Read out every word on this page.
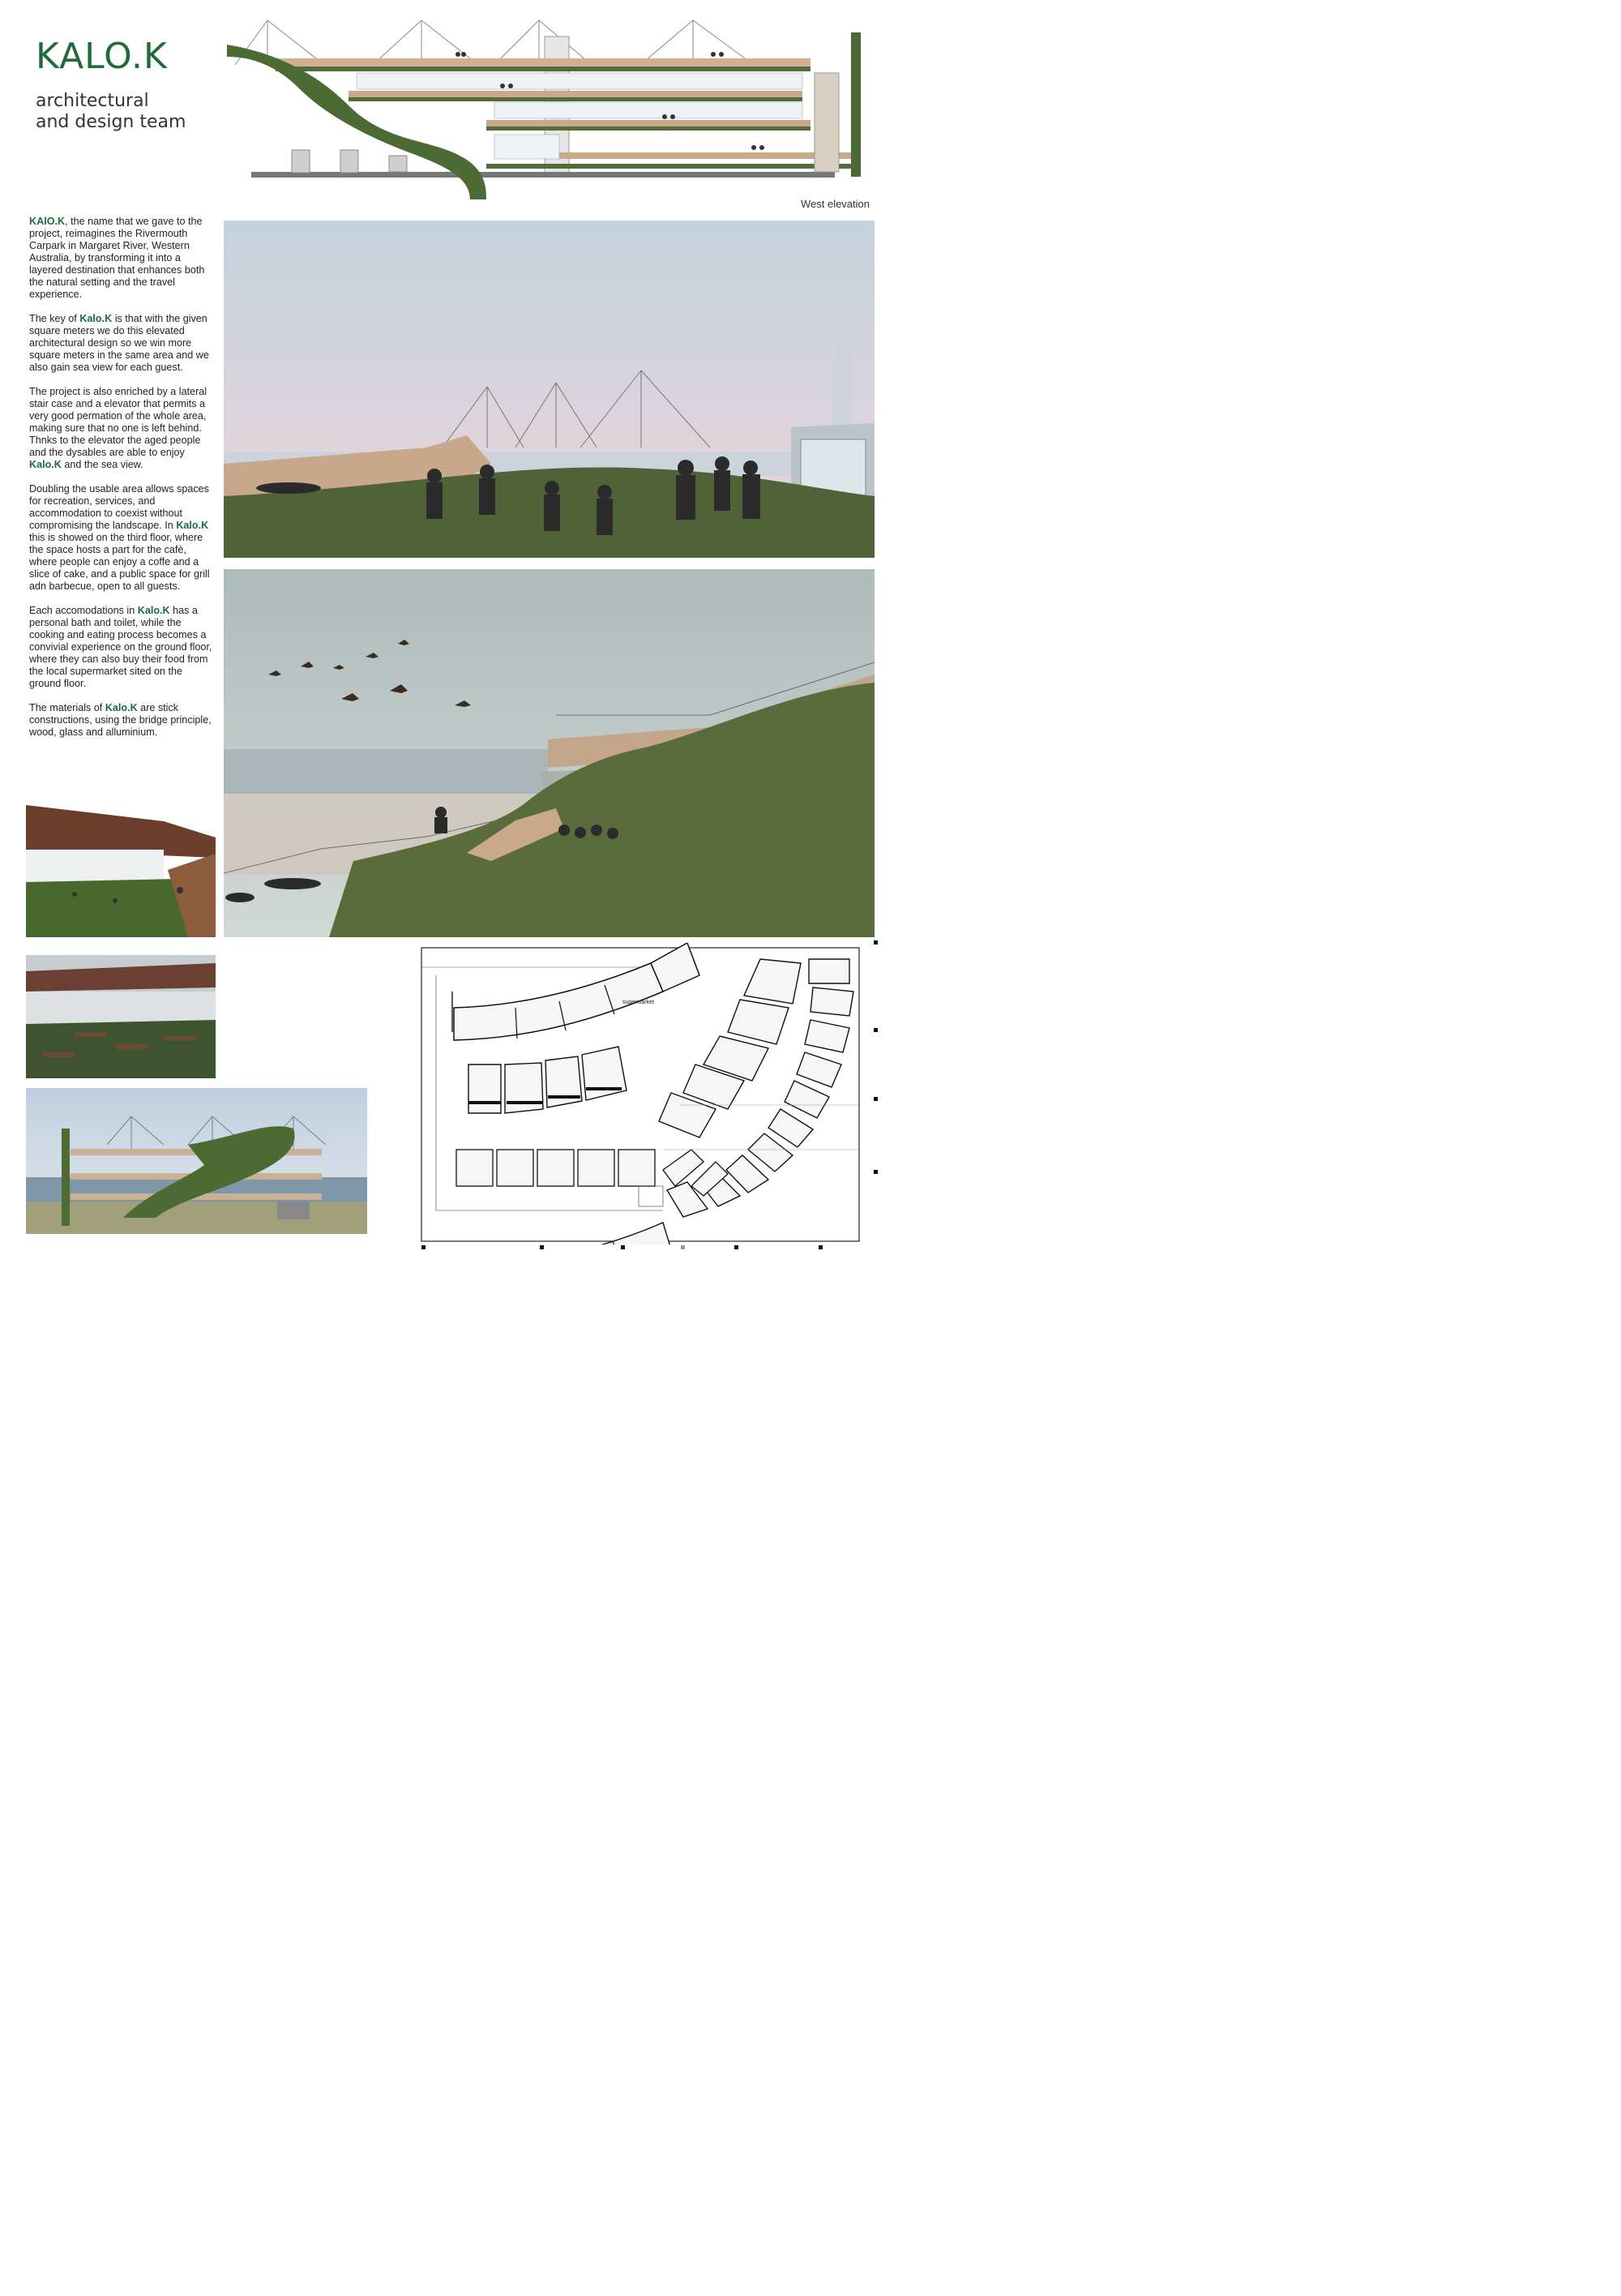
KALO.K
architectural
and design team
West elevation

KAlO.K, the name that we gave to the project, reimagines the Rivermouth Carpark in Margaret River, Western Australia, by transforming it into a layered destination that enhances both the natural setting and the travel experience.

The key of Kalo.K is that with the given square meters we do this elevated architectural design so we win more square meters in the same area and we also gain sea view for each guest.

The project is also enriched by a lateral stair case and a elevator that permits a very good permation of the whole area, making sure that no one is left behind. Thnks to the elevator the aged people and the dysables are able to enjoy Kalo.K and the sea view.

Doubling the usable area allows spaces for recreation, services, and accommodation to coexist without compromising the landscape. In Kalo.K this is showed on the third floor, where the space hosts a part for the cafè, where people can enjoy a coffe and a slice of cake, and a public space for grill adn barbecue, open to all guests.

Each accomodations in Kalo.K has a personal bath and toilet, while the cooking and eating process becomes a convivial experience on the ground floor, where they can also buy their food from the local supermarket sited on the ground floor.

The materials of Kalo.K are stick constructions, using the bridge principle, wood, glass and alluminium.

supermarket
